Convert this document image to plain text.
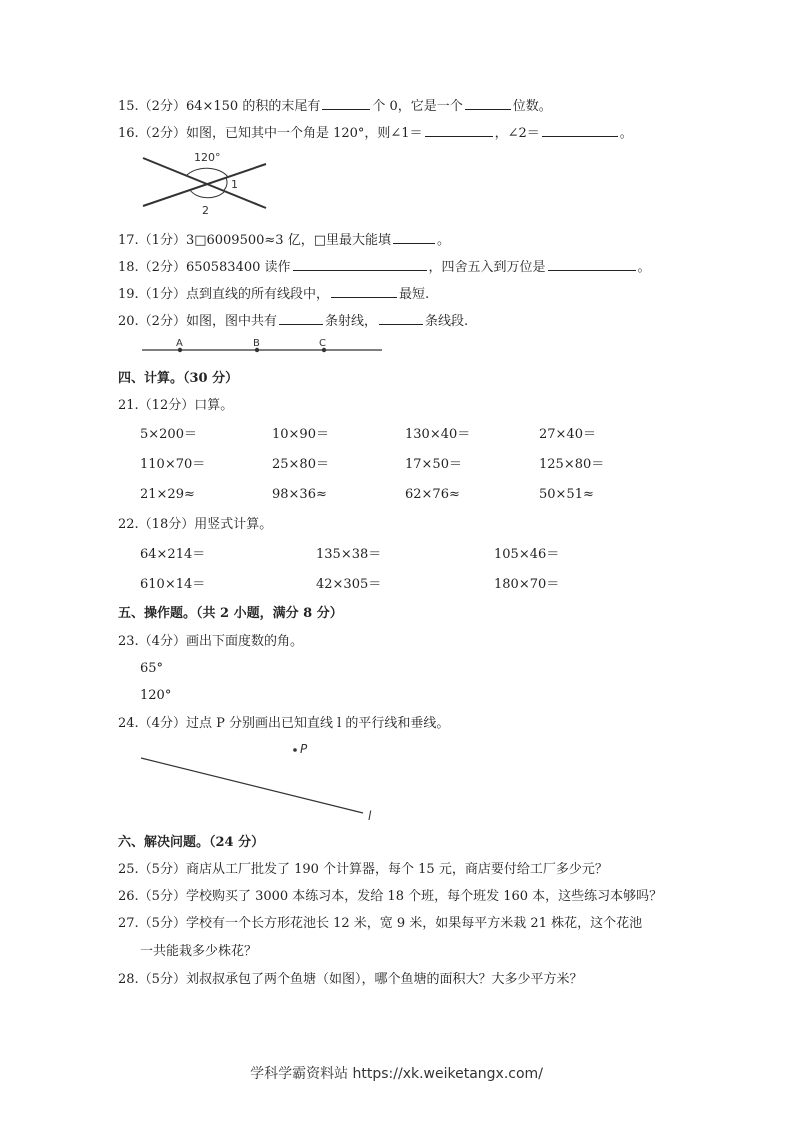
15.（2分）64×150 的积的末尾有	个 0，它是一个	位数。
16.（2分）如图，已知其中一个角是 120°，则∠1＝	，∠2＝	。
120°
1
2
17.（1分）3□6009500≈3 亿，□里最大能填	。
18.（2分）650583400 读作	，四舍五入到万位是	。
19.（1分）点到直线的所有线段中，	最短.
20.（2分）如图，图中共有	条射线，	条线段.
A	B	C
四、计算。（30 分）
21.（12分）口算。
5×200＝	10×90＝	130×40＝	27×40＝
110×70＝	25×80＝	17×50＝	125×80＝
21×29≈	98×36≈	62×76≈	50×51≈
22.（18分）用竖式计算。
64×214＝	135×38＝	105×46＝
610×14＝	42×305＝	180×70＝
五、操作题。（共 2 小题，满分 8 分）
23.（4分）画出下面度数的角。
65°
120°
24.（4分）过点 P 分别画出已知直线 l 的平行线和垂线。
P
l
六、解决问题。（24 分）
25.（5分）商店从工厂批发了 190 个计算器，每个 15 元，商店要付给工厂多少元？
26.（5分）学校购买了 3000 本练习本，发给 18 个班，每个班发 160 本，这些练习本够吗？
27.（5分）学校有一个长方形花池长 12 米，宽 9 米，如果每平方米栽 21 株花，这个花池
一共能栽多少株花？
28.（5分）刘叔叔承包了两个鱼塘（如图），哪个鱼塘的面积大？大多少平方米？
学科学霸资料站 https://xk.weiketangx.com/
